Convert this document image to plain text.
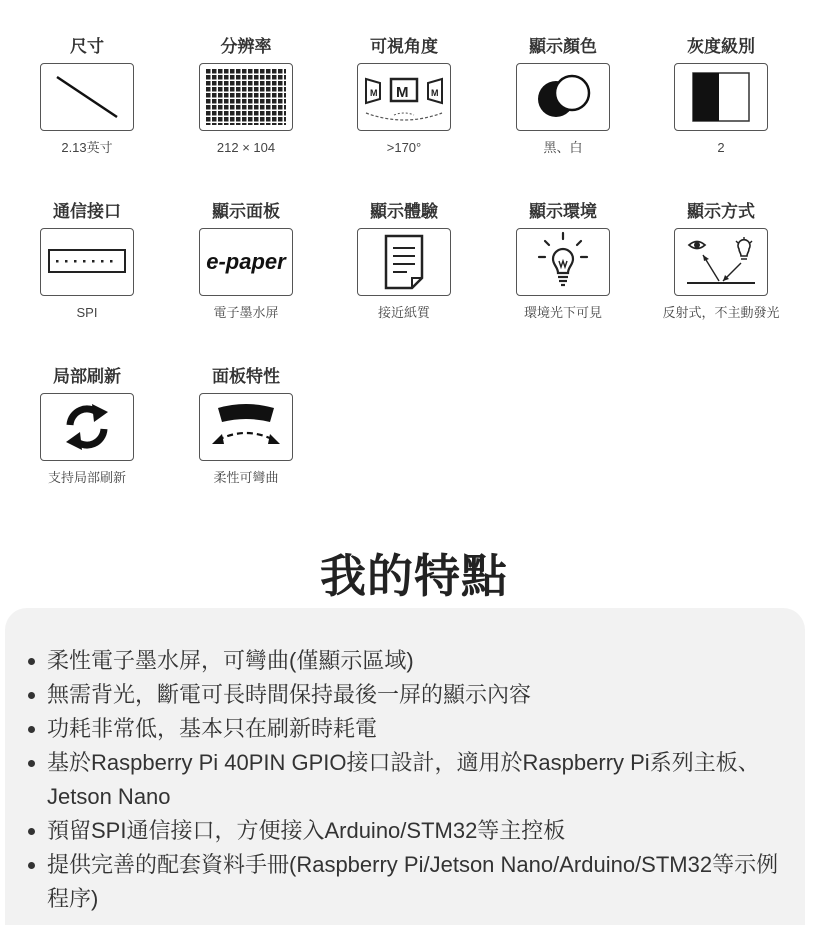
尺寸
2.13英寸
分辨率
212 × 104
可視角度
M M	M
>170°
顯示顏色
黑、白
灰度級別
2
通信接口
SPI
顯示面板
e-paper
電子墨水屏
顯示體驗
接近紙質
顯示環境
環境光下可見
顯示方式
反射式，不主動發光
局部刷新
支持局部刷新
面板特性
柔性可彎曲
我的特點
柔性電子墨水屏，可彎曲(僅顯示區域)
無需背光，斷電可長時間保持最後一屏的顯示內容
功耗非常低，基本只在刷新時耗電
基於Raspberry Pi 40PIN GPIO接口設計，適用於Raspberry Pi系列主板、Jetson Nano
預留SPI通信接口，方便接入Arduino/STM32等主控板
提供完善的配套資料手冊(Raspberry Pi/Jetson Nano/Arduino/STM32等示例程序)
